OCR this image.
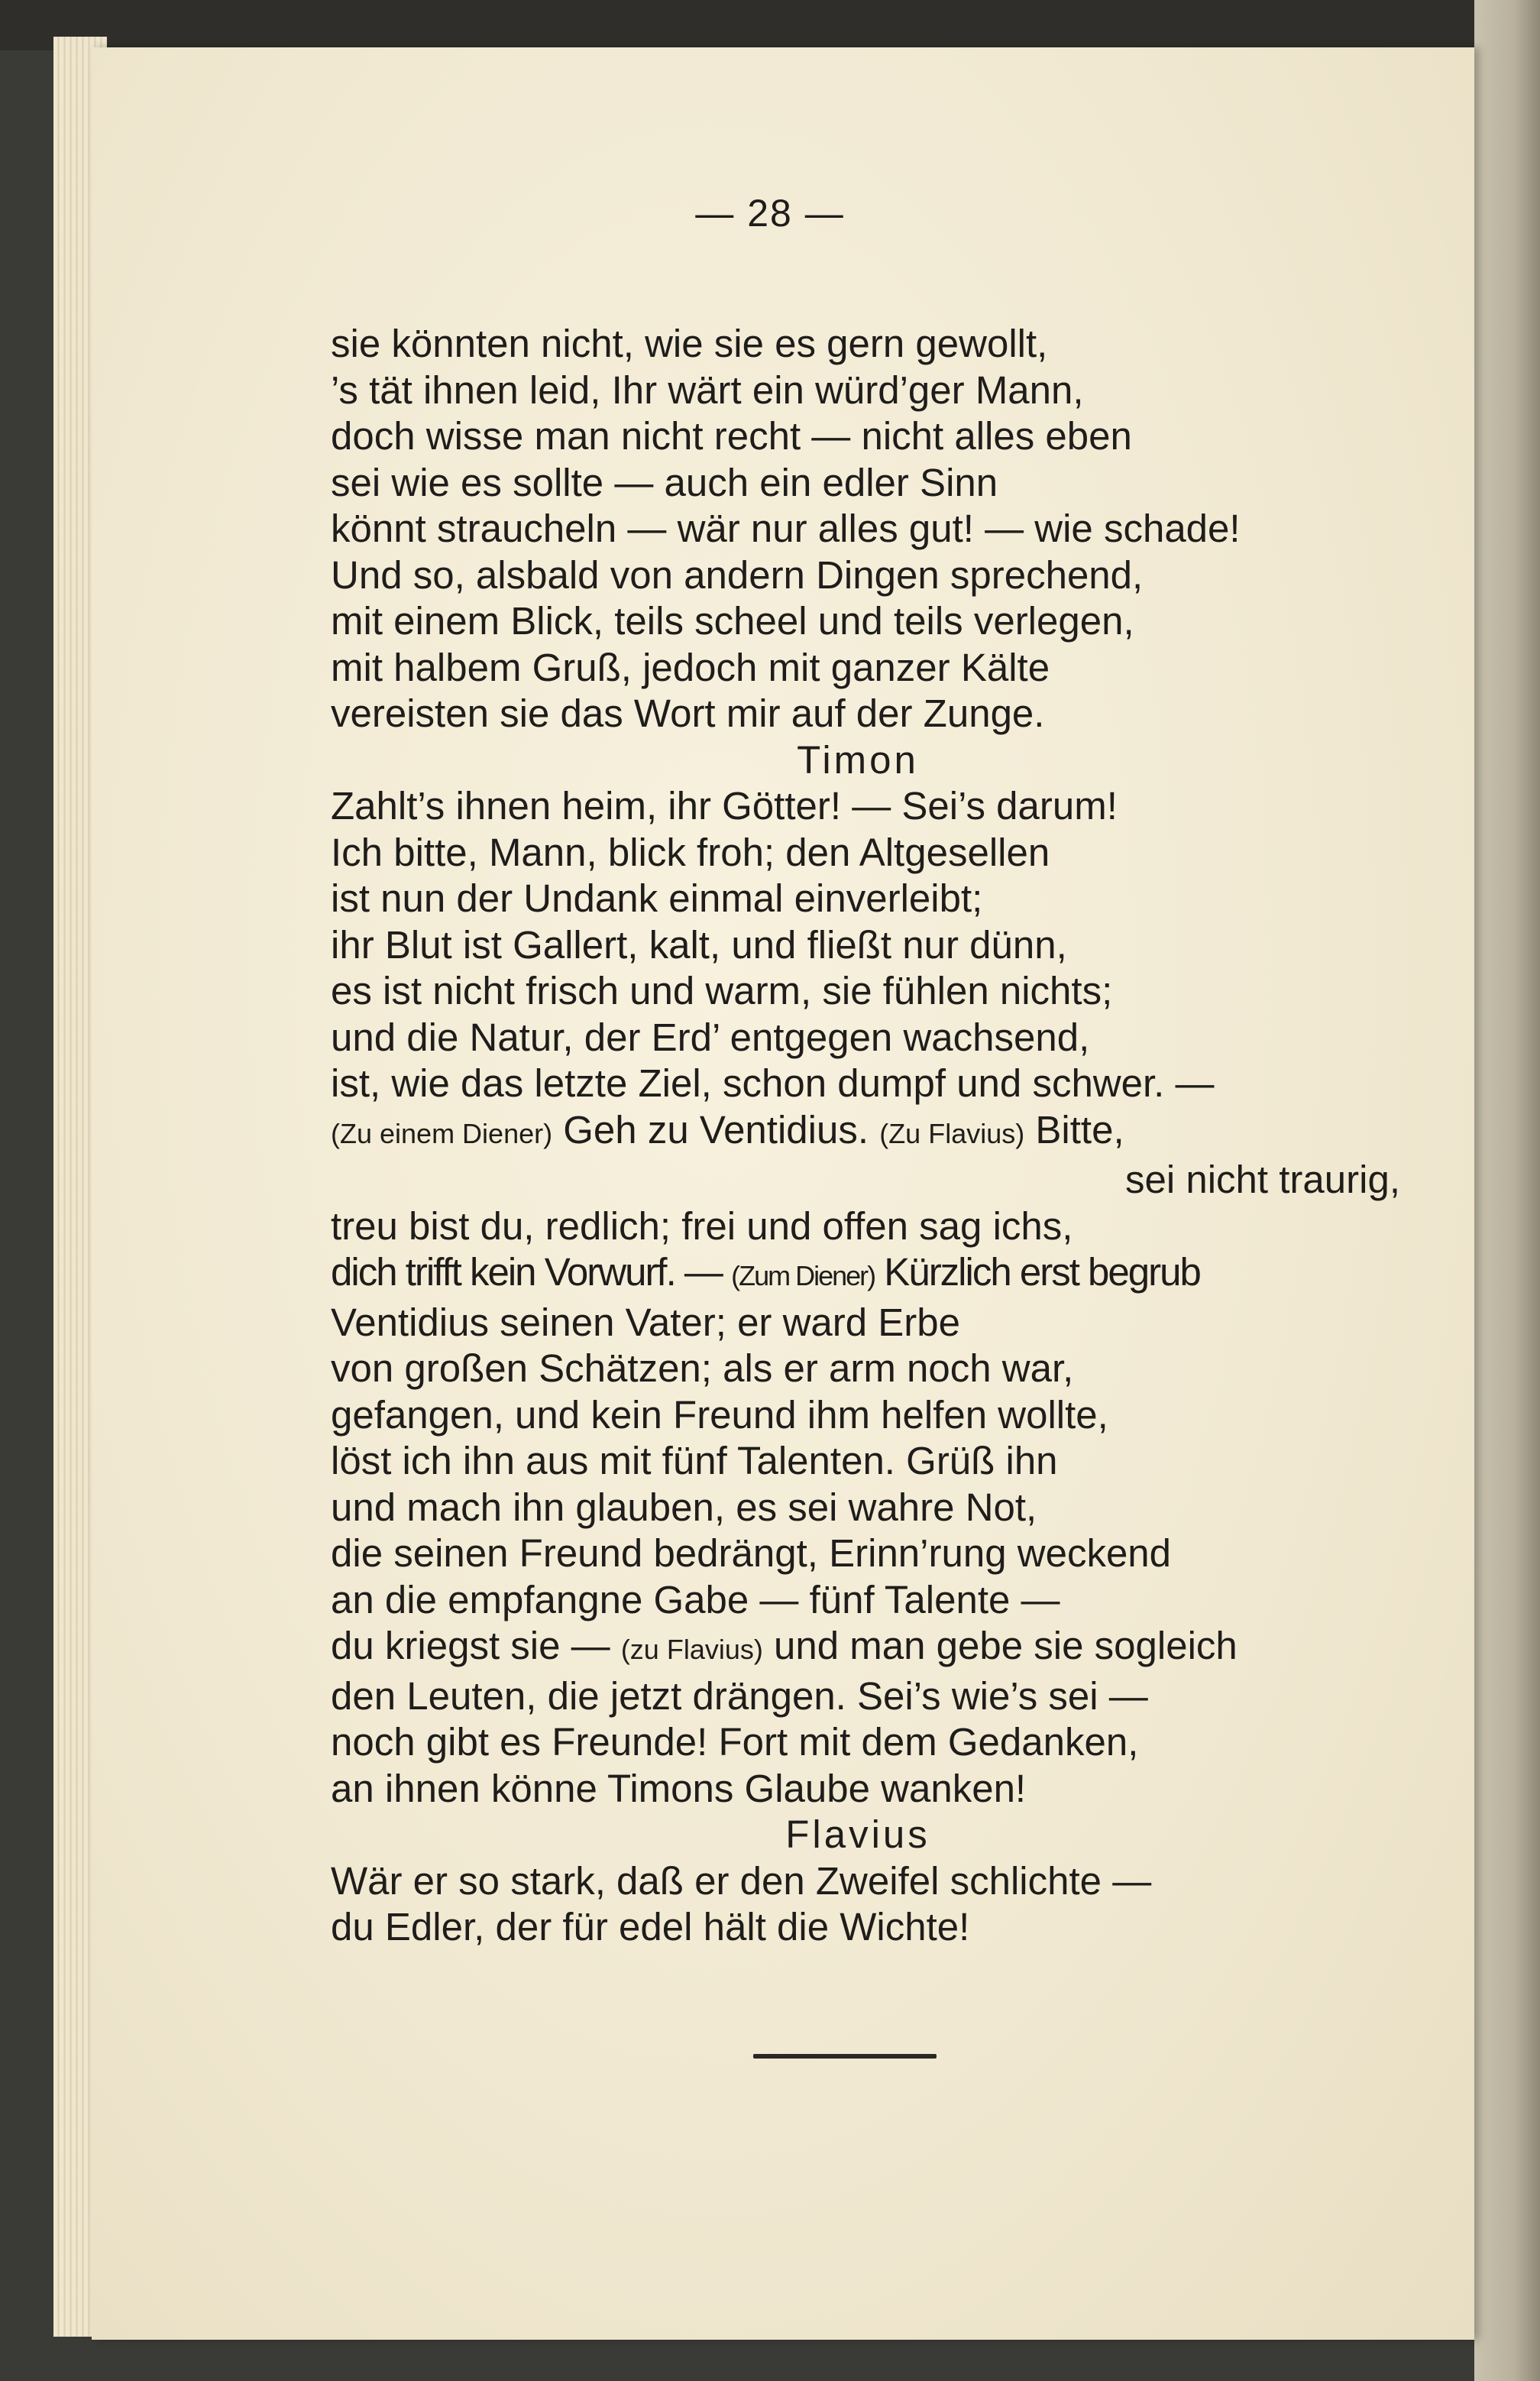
— 28 —
sie könnten nicht, wie sie es gern gewollt,
’s tät ihnen leid, Ihr wärt ein würd’ger Mann,
doch wisse man nicht recht — nicht alles eben
sei wie es sollte — auch ein edler Sinn
könnt straucheln — wär nur alles gut! — wie schade!
Und so, alsbald von andern Dingen sprechend,
mit einem Blick, teils scheel und teils verlegen,
mit halbem Gruß, jedoch mit ganzer Kälte
vereisten sie das Wort mir auf der Zunge.
Timon
Zahlt’s ihnen heim, ihr Götter! — Sei’s darum!
Ich bitte, Mann, blick froh; den Altgesellen
ist nun der Undank einmal einverleibt;
ihr Blut ist Gallert, kalt, und fließt nur dünn,
es ist nicht frisch und warm, sie fühlen nichts;
und die Natur, der Erd’ entgegen wachsend,
ist, wie das letzte Ziel, schon dumpf und schwer. —
(Zu einem Diener) Geh zu Ventidius. (Zu Flavius) Bitte,
sei nicht traurig,
treu bist du, redlich; frei und offen sag ichs,
dich trifft kein Vorwurf. — (Zum Diener) Kürzlich erst begrub
Ventidius seinen Vater; er ward Erbe
von großen Schätzen; als er arm noch war,
gefangen, und kein Freund ihm helfen wollte,
löst ich ihn aus mit fünf Talenten. Grüß ihn
und mach ihn glauben, es sei wahre Not,
die seinen Freund bedrängt, Erinn’rung weckend
an die empfangne Gabe — fünf Talente —
du kriegst sie — (zu Flavius) und man gebe sie sogleich
den Leuten, die jetzt drängen. Sei’s wie’s sei —
noch gibt es Freunde! Fort mit dem Gedanken,
an ihnen könne Timons Glaube wanken!
Flavius
Wär er so stark, daß er den Zweifel schlichte —
du Edler, der für edel hält die Wichte!
